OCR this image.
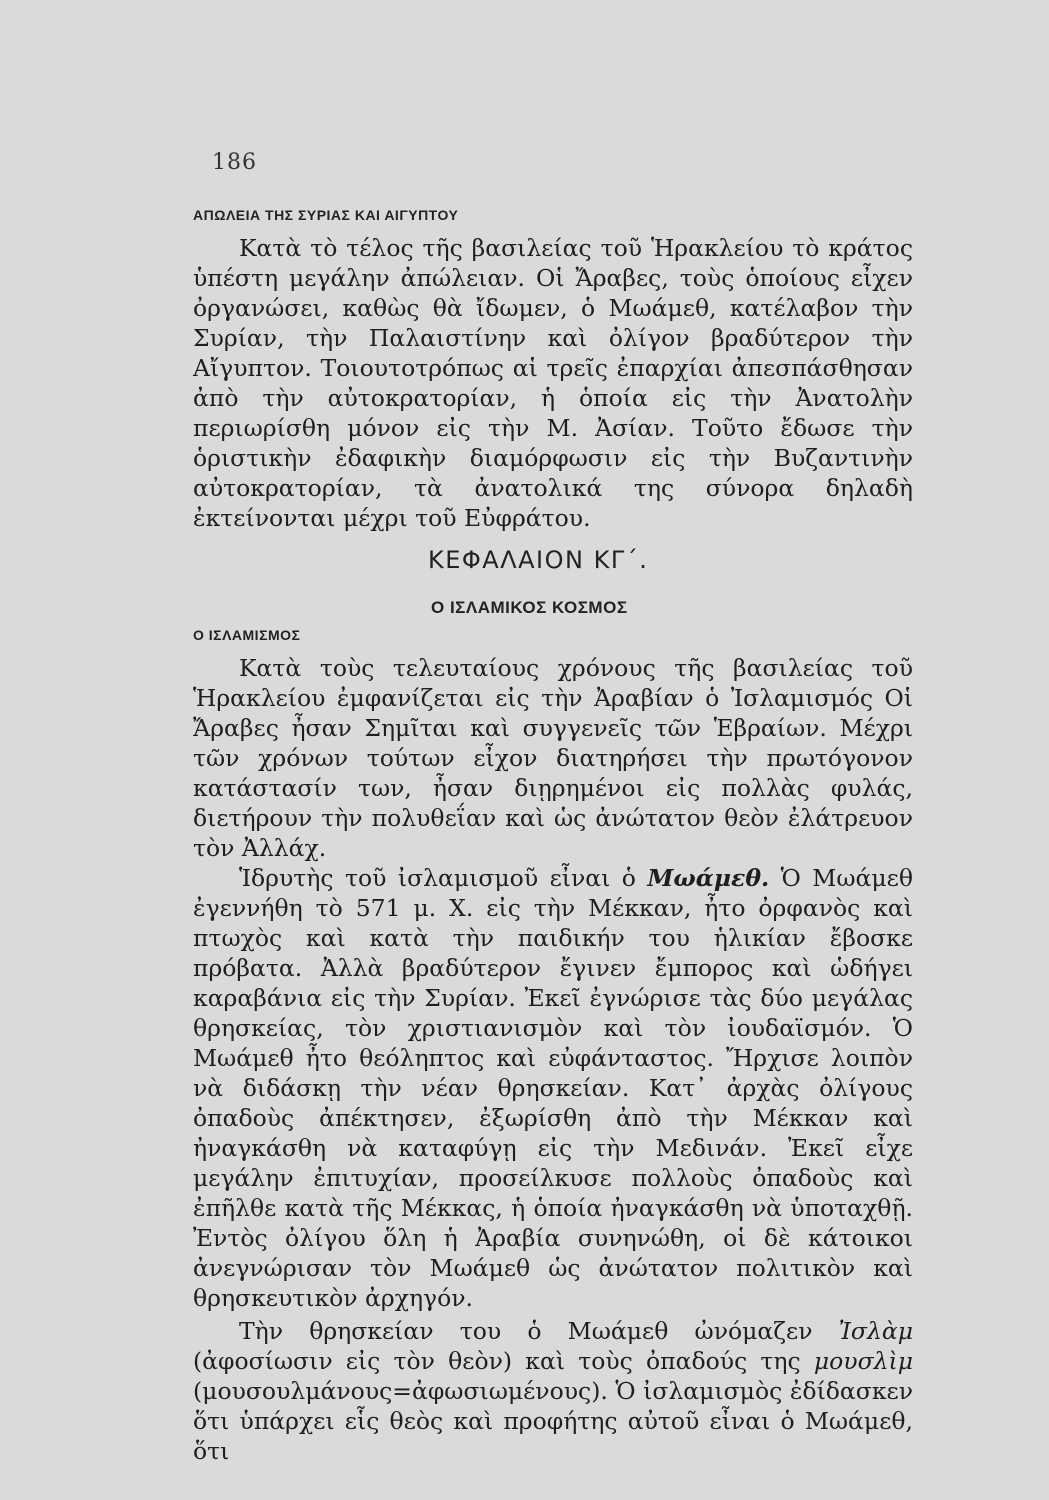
186
ΑΠΩΛΕΙΑ ΤΗΣ ΣΥΡΙΑΣ ΚΑΙ ΑΙΓΥΠΤΟΥ

Κατὰ τὸ τέλος τῆς βασιλείας τοῦ Ἡρακλείου τὸ κράτος ὑπέστη μεγάλην ἀπώλειαν. Οἱ Ἄραβες, τοὺς ὁποίους εἶχεν ὀργανώσει, καθὼς θὰ ἴδωμεν, ὁ Μωάμεθ, κατέλαβον τὴν Συρίαν, τὴν Παλαιστίνην καὶ ὀλίγον βραδύτερον τὴν Αἴγυπτον. Τοιουτοτρόπως αἱ τρεῖς ἐπαρχίαι ἀπεσπάσθησαν ἀπὸ τὴν αὐτοκρατορίαν, ἡ ὁποία εἰς τὴν Ἀνατολὴν περιωρίσθη μόνον εἰς τὴν Μ. Ἀσίαν. Τοῦτο ἔδωσε τὴν ὁριστικὴν ἐδαφικὴν διαμόρφωσιν εἰς τὴν Βυζαντινὴν αὐτοκρατορίαν, τὰ ἀνατολικά της σύνορα δηλαδὴ ἐκτείνονται μέχρι τοῦ Εὐφράτου.

ΚΕΦΑΛΑΙΟΝ ΚΓ΄.
Ο ΙΣΛΑΜΙΚΟΣ ΚΟΣΜΟΣ
Ο ΙΣΛΑΜΙΣΜΟΣ

Κατὰ τοὺς τελευταίους χρόνους τῆς βασιλείας τοῦ Ἡρακλείου ἐμφανίζεται εἰς τὴν Ἀραβίαν ὁ Ἰσλαμισμός Οἱ Ἄραβες ἦσαν Σημῖται καὶ συγγενεῖς τῶν Ἑβραίων. Μέχρι τῶν χρόνων τούτων εἶχον διατηρήσει τὴν πρωτόγονον κατάστασίν των, ἦσαν διῃρημένοι εἰς πολλὰς φυλάς, διετήρουν τὴν πολυθεΐαν καὶ ὡς ἀνώτατον θεὸν ἐλάτρευον τὸν Ἀλλάχ.

Ἱδρυτὴς τοῦ ἰσλαμισμοῦ εἶναι ὁ Μωάμεθ. Ὁ Μωάμεθ ἐγεννήθη τὸ 571 μ. Χ. εἰς τὴν Μέκκαν, ἦτο ὀρφανὸς καὶ πτωχὸς καὶ κατὰ τὴν παιδικήν του ἡλικίαν ἔβοσκε πρόβατα. Ἀλλὰ βραδύτερον ἔγινεν ἔμπορος καὶ ὡδήγει καραβάνια εἰς τὴν Συρίαν. Ἐκεῖ ἐγνώρισε τὰς δύο μεγάλας θρησκείας, τὸν χριστιανισμὸν καὶ τὸν ἰουδαϊσμόν. Ὁ Μωάμεθ ἦτο θεόληπτος καὶ εὐφάνταστος. Ἤρχισε λοιπὸν νὰ διδάσκῃ τὴν νέαν θρησκείαν. Κατ᾿ ἀρχὰς ὀλίγους ὀπαδοὺς ἀπέκτησεν, ἐξωρίσθη ἀπὸ τὴν Μέκκαν καὶ ἠναγκάσθη νὰ καταφύγῃ εἰς τὴν Μεδινάν. Ἐκεῖ εἶχε μεγάλην ἐπιτυχίαν, προσείλκυσε πολλοὺς ὀπαδοὺς καὶ ἐπῆλθε κατὰ τῆς Μέκκας, ἡ ὁποία ἠναγκάσθη νὰ ὑποταχθῇ. Ἐντὸς ὀλίγου ὅλη ἡ Ἀραβία συνηνώθη, οἱ δὲ κάτοικοι ἀνεγνώρισαν τὸν Μωάμεθ ὡς ἀνώτατον πολιτικὸν καὶ θρησκευτικὸν ἀρχηγόν.

Τὴν θρησκείαν του ὁ Μωάμεθ ὠνόμαζεν Ἰσλὰμ (ἀφοσίωσιν εἰς τὸν θεὸν) καὶ τοὺς ὀπαδούς της μουσλὶμ (μουσουλμάνους=ἀφωσιωμένους). Ὁ ἰσλαμισμὸς ἐδίδασκεν ὅτι ὑπάρχει εἷς θεὸς καὶ προφήτης αὐτοῦ εἶναι ὁ Μωάμεθ, ὅτι
